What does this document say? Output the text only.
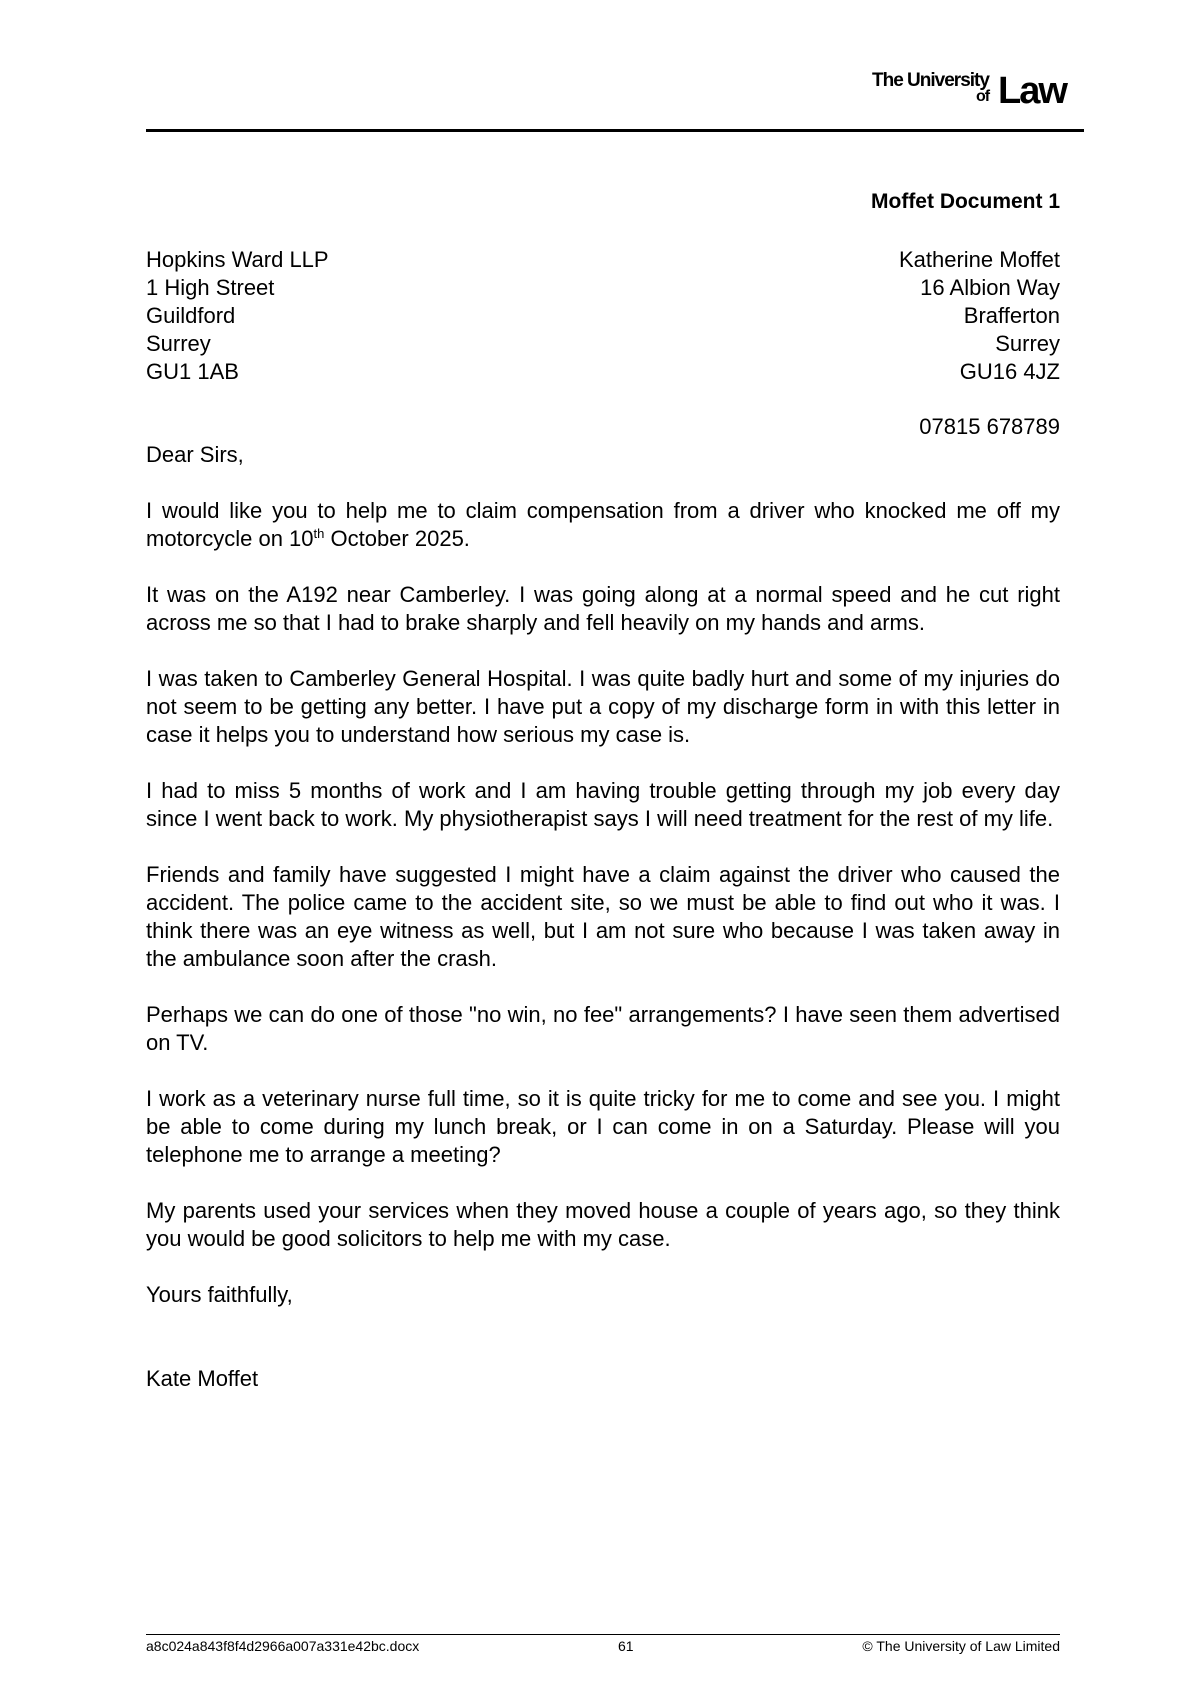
The University
of Law
Moffet Document 1
Hopkins Ward LLP
1 High Street
Guildford
Surrey
GU1 1AB
Katherine Moffet
16 Albion Way
Brafferton
Surrey
GU16 4JZ
07815 678789

Dear Sirs,

I would like you to help me to claim compensation from a driver who knocked me off my motorcycle on 10th October 2025.

It was on the A192 near Camberley. I was going along at a normal speed and he cut right across me so that I had to brake sharply and fell heavily on my hands and arms.

I was taken to Camberley General Hospital. I was quite badly hurt and some of my injuries do not seem to be getting any better. I have put a copy of my discharge form in with this letter in case it helps you to understand how serious my case is.

I had to miss 5 months of work and I am having trouble getting through my job every day since I went back to work. My physiotherapist says I will need treatment for the rest of my life.

Friends and family have suggested I might have a claim against the driver who caused the accident. The police came to the accident site, so we must be able to find out who it was. I think there was an eye witness as well, but I am not sure who because I was taken away in the ambulance soon after the crash.

Perhaps we can do one of those "no win, no fee" arrangements? I have seen them advertised on TV.

I work as a veterinary nurse full time, so it is quite tricky for me to come and see you. I might be able to come during my lunch break, or I can come in on a Saturday. Please will you telephone me to arrange a meeting?

My parents used your services when they moved house a couple of years ago, so they think you would be good solicitors to help me with my case.

Yours faithfully,

Kate Moffet

a8c024a843f8f4d2966a007a331e42bc.docx	61	© The University of Law Limited
